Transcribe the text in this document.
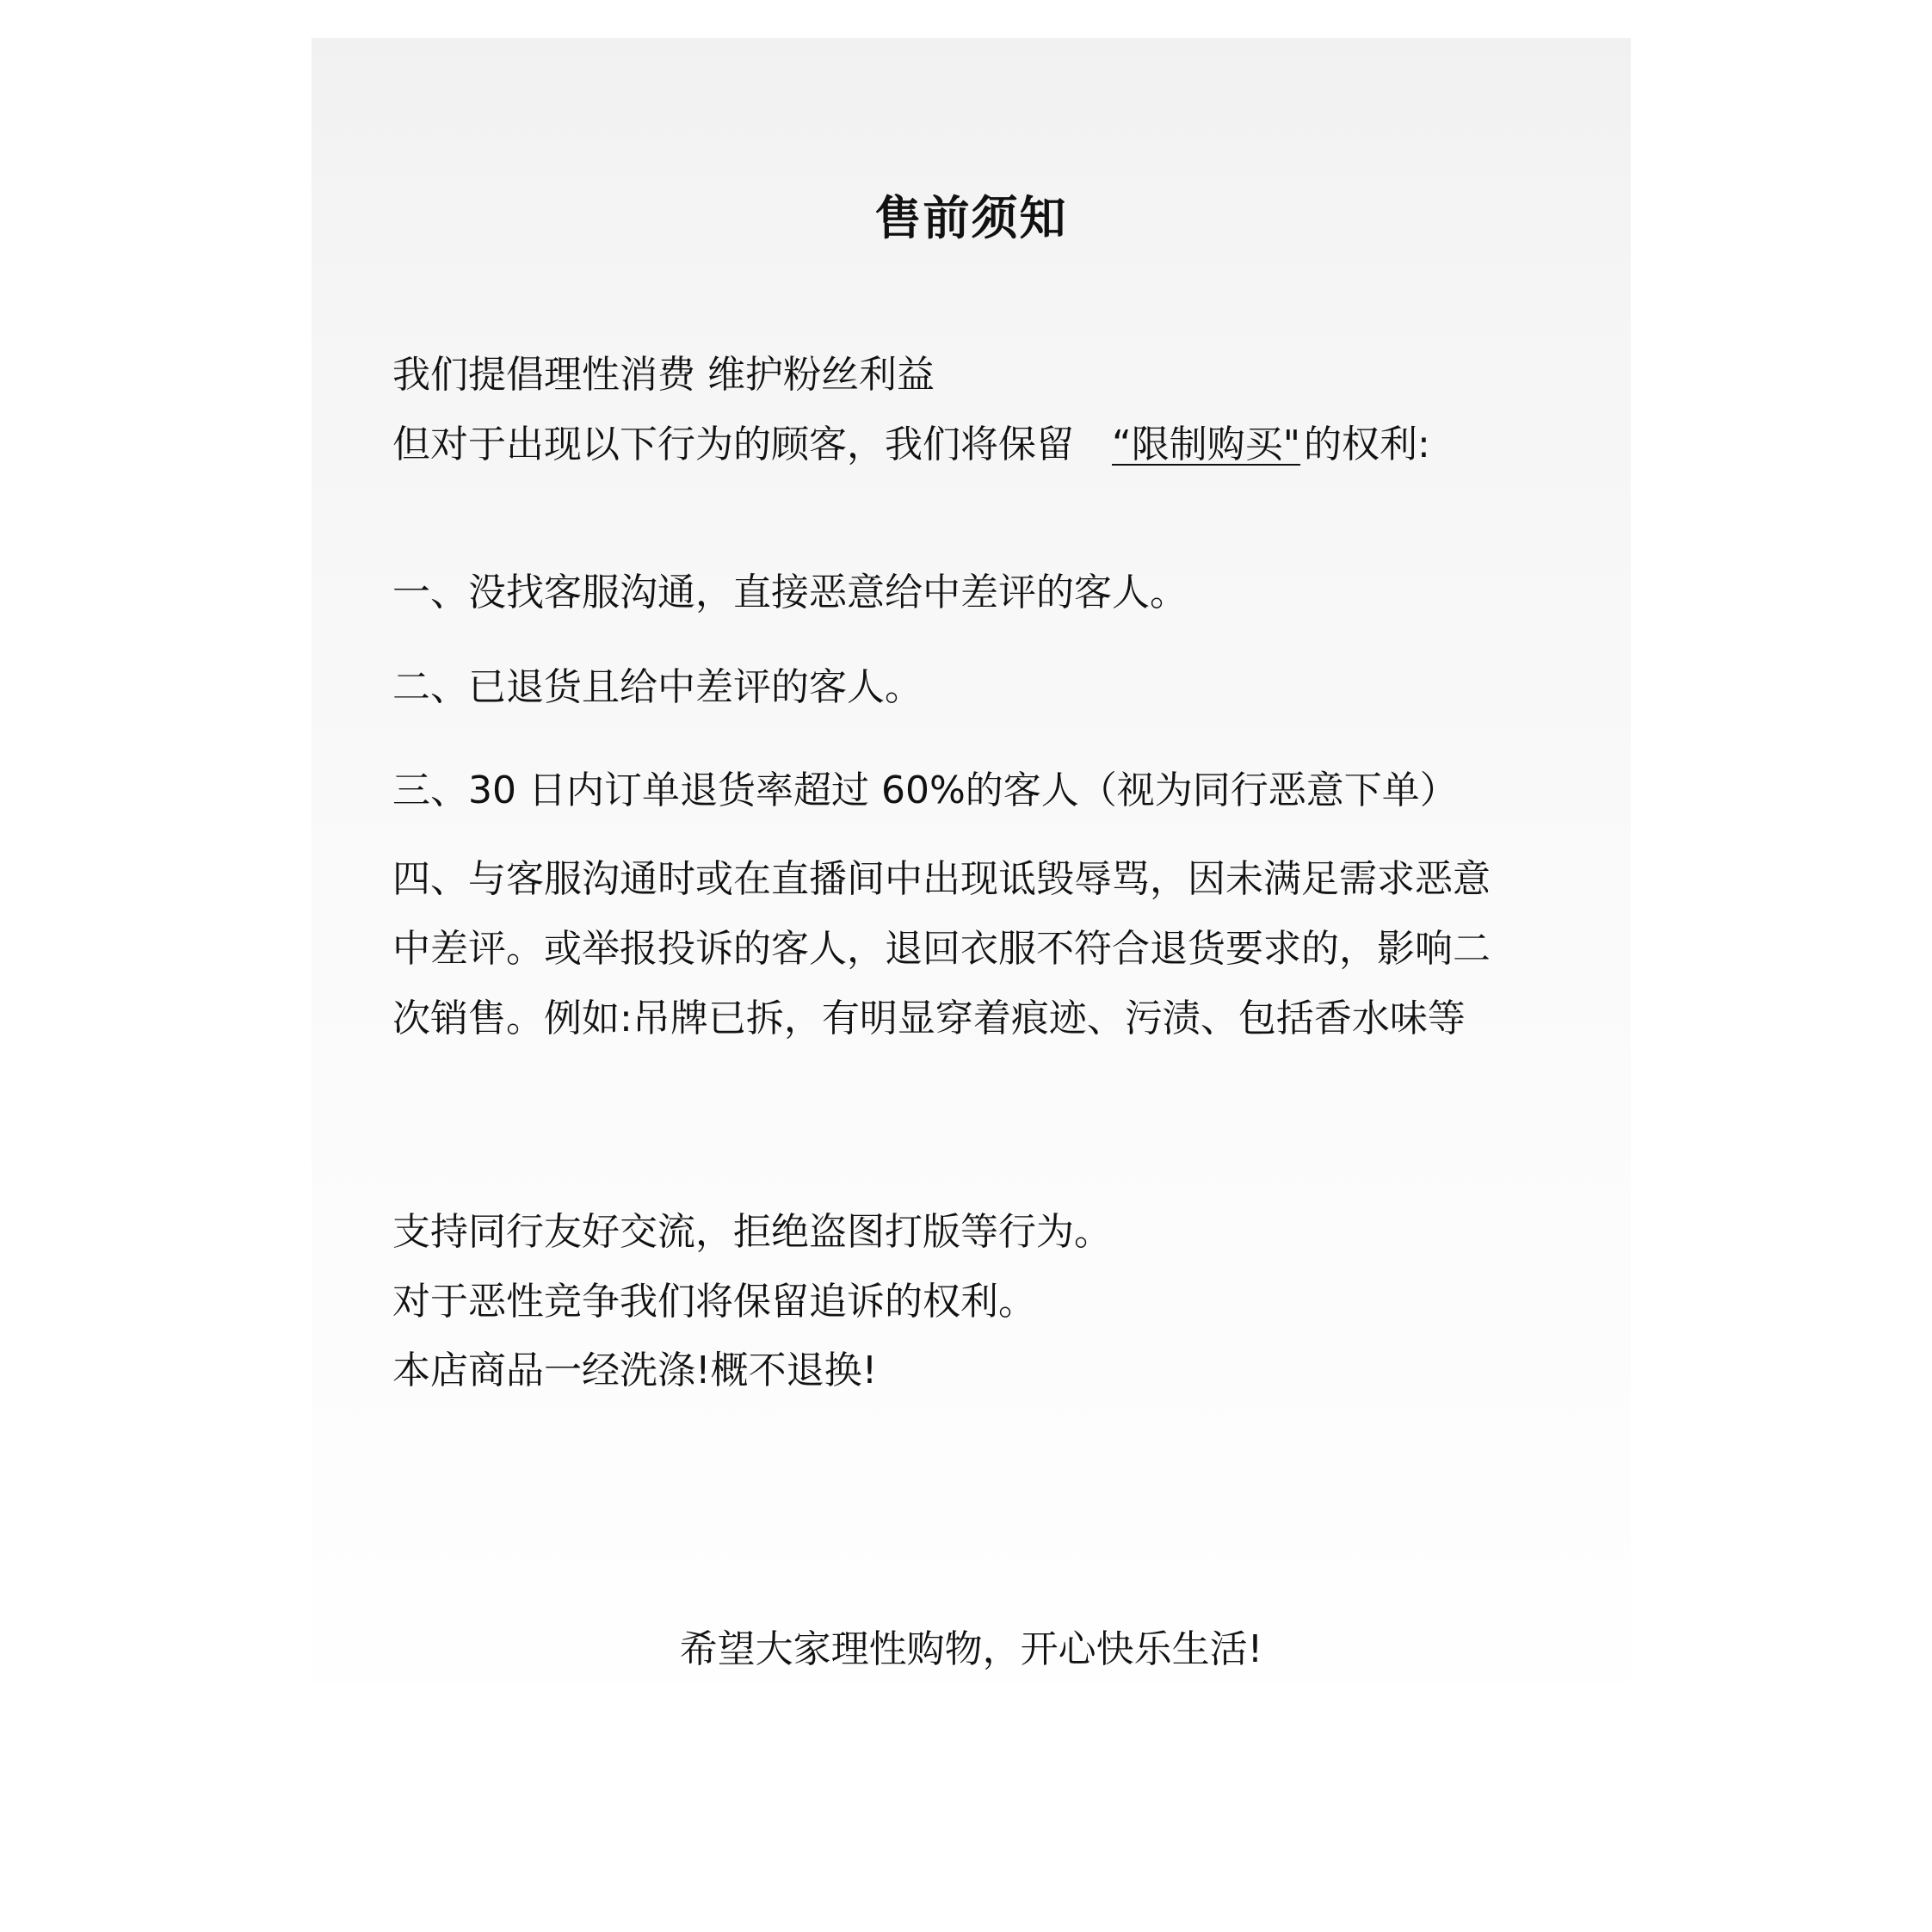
售前须知

我们提倡理性消费 维护粉丝利益

但对于出现以下行为的顾客，我们将保留 “限制购买"的权利:

一、没找客服沟通，直接恶意给中差评的客人。

二、已退货且给中差评的客人。

三、30 日内订单退货率超过 60%的客人（视为同行恶意下单）

四、与客服沟通时或在直播间中出现诋毁辱骂，因未满足需求恶意

中差评。或举报投诉的客人，退回衣服不符合退货要求的，影响二

次销售。例如:吊牌已拆，有明显穿着痕迹、污渍、包括香水味等

支持同行友好交流，拒绝盗图打版等行为。

对于恶性竞争我们将保留追诉的权利。

本店商品一经洗涤!概不退换!

希望大家理性购物，开心快乐生活!
